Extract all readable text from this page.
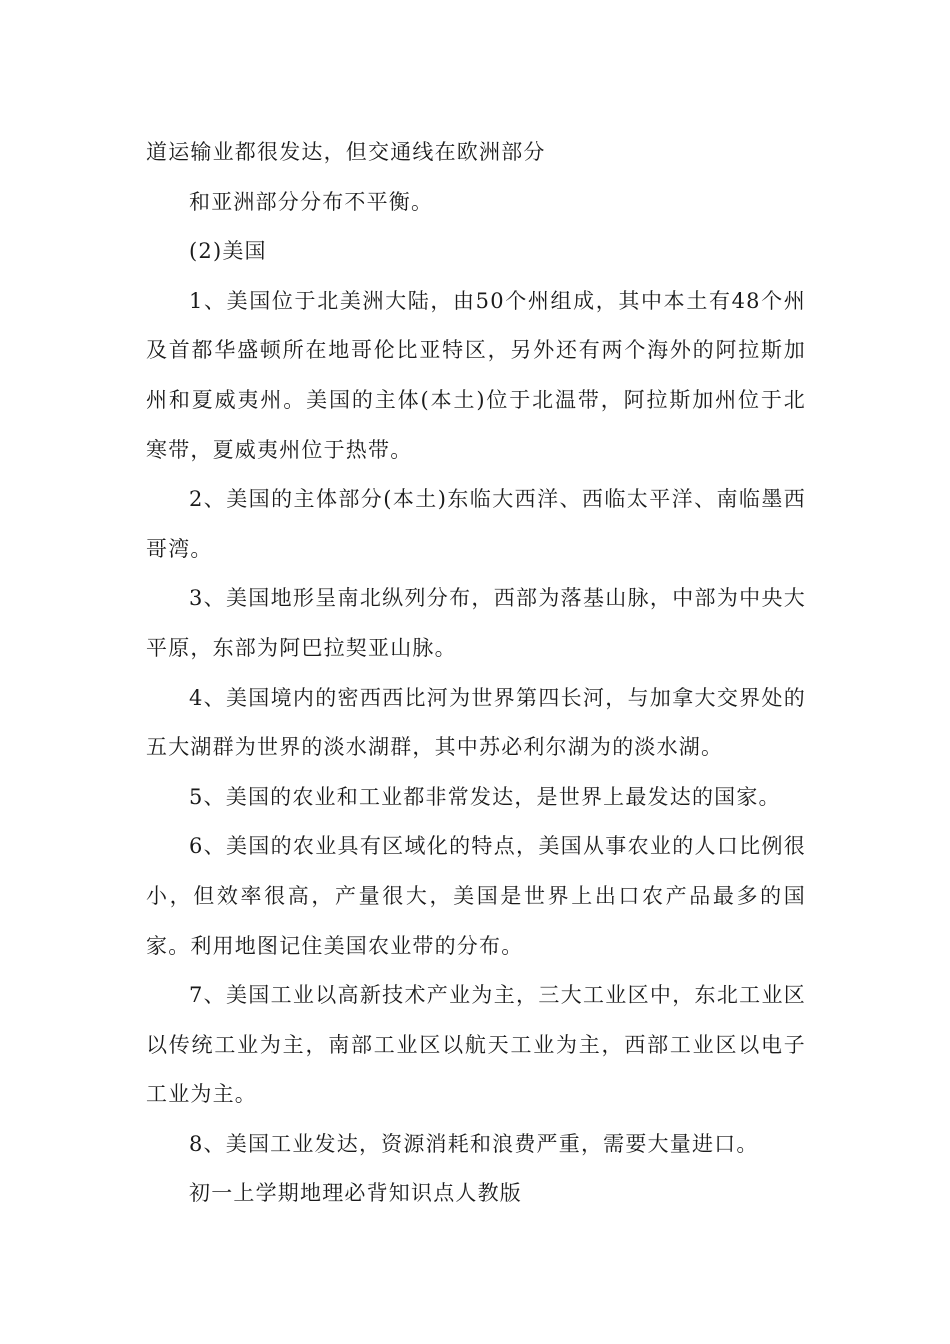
道运输业都很发达，但交通线在欧洲部分

和亚洲部分分布不平衡。

(2)美国

1、美国位于北美洲大陆，由50个州组成，其中本土有48个州及首都华盛顿所在地哥伦比亚特区，另外还有两个海外的阿拉斯加州和夏威夷州。美国的主体(本土)位于北温带，阿拉斯加州位于北寒带，夏威夷州位于热带。

2、美国的主体部分(本土)东临大西洋、西临太平洋、南临墨西哥湾。

3、美国地形呈南北纵列分布，西部为落基山脉，中部为中央大平原，东部为阿巴拉契亚山脉。

4、美国境内的密西西比河为世界第四长河，与加拿大交界处的五大湖群为世界的淡水湖群，其中苏必利尔湖为的淡水湖。

5、美国的农业和工业都非常发达，是世界上最发达的国家。

6、美国的农业具有区域化的特点，美国从事农业的人口比例很小，但效率很高，产量很大，美国是世界上出口农产品最多的国家。利用地图记住美国农业带的分布。

7、美国工业以高新技术产业为主，三大工业区中，东北工业区以传统工业为主，南部工业区以航天工业为主，西部工业区以电子工业为主。

8、美国工业发达，资源消耗和浪费严重，需要大量进口。

初一上学期地理必背知识点人教版
